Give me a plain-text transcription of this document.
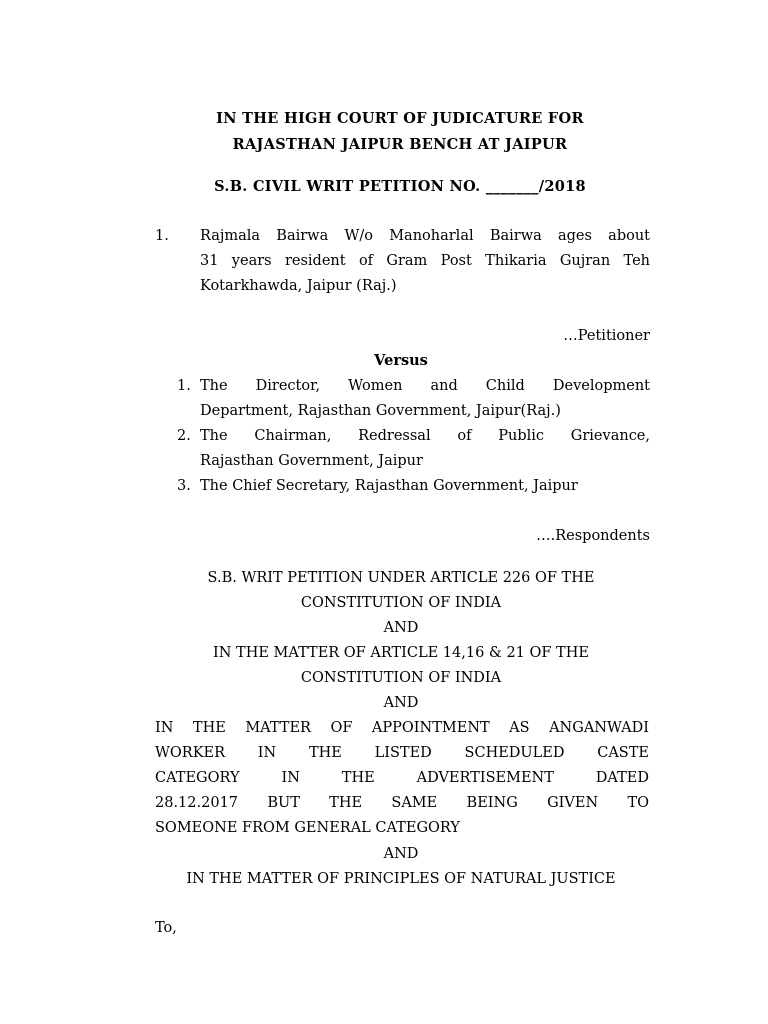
IN THE HIGH COURT OF JUDICATURE FOR
RAJASTHAN JAIPUR BENCH AT JAIPUR
S.B. CIVIL WRIT PETITION NO. _______/2018
1. Rajmala Bairwa W/o Manoharlal Bairwa ages about
31 years resident of Gram Post Thikaria Gujran Teh
Kotarkhawda, Jaipur (Raj.)
…Petitioner
Versus
1. The Director, Women and Child Development
Department, Rajasthan Government, Jaipur(Raj.)
2. The Chairman, Redressal of Public Grievance,
Rajasthan Government, Jaipur
3. The Chief Secretary, Rajasthan Government, Jaipur
….Respondents
S.B. WRIT PETITION UNDER ARTICLE 226 OF THE
CONSTITUTION OF INDIA
AND
IN THE MATTER OF ARTICLE 14,16 & 21 OF THE
CONSTITUTION OF INDIA
AND
IN THE MATTER OF APPOINTMENT AS ANGANWADI
WORKER IN THE LISTED SCHEDULED CASTE
CATEGORY IN THE ADVERTISEMENT DATED
28.12.2017 BUT THE SAME BEING GIVEN TO
SOMEONE FROM GENERAL CATEGORY
AND
IN THE MATTER OF PRINCIPLES OF NATURAL JUSTICE
To,
